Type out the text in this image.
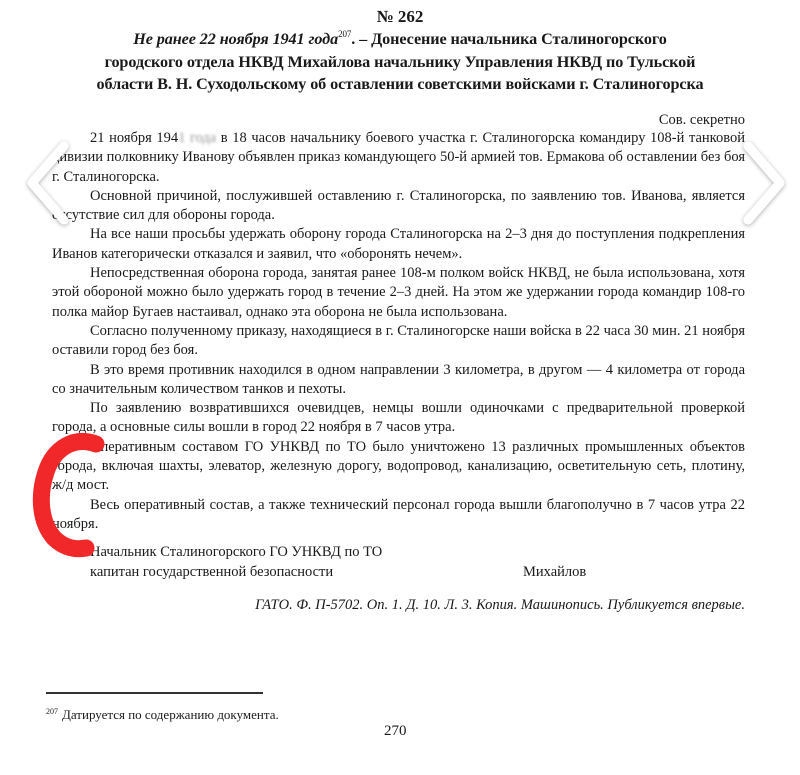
№ 262
Не ранее 22 ноября 1941 года$^{207}$. – Донесение начальника Сталиногорского
городского отдела НКВД Михайлова начальнику Управления НКВД по Тульской
области В. Н. Суходольскому об оставлении советскими войсками г. Сталиногорска
Сов. секретно

21 ноября 1941 года в 18 часов начальнику боевого участка г. Сталиногорска командиру 108-й танковой дивизии полковнику Иванову объявлен приказ командующего 50-й армией тов. Ермакова об оставлении без боя г. Сталиногорска.

Основной причиной, послужившей оставлению г. Сталиногорска, по заявлению тов. Иванова, является отсутствие сил для обороны города.

На все наши просьбы удержать оборону города Сталиногорска на 2–3 дня до поступления подкрепления Иванов категорически отказался и заявил, что «оборонять нечем».

Непосредственная оборона города, занятая ранее 108-м полком войск НКВД, не была использована, хотя этой обороной можно было удержать город в течение 2–3 дней. На этом же удержании города командир 108-го полка майор Бугаев настаивал, однако эта оборона не была использована.

Согласно полученному приказу, находящиеся в г. Сталиногорске наши войска в 22 часа 30 мин. 21 ноября оставили город без боя.

В это время противник находился в одном направлении 3 километра, в другом — 4 километра от города со значительным количеством танков и пехоты.

По заявлению возвратившихся очевидцев, немцы вошли одиночками с предварительной проверкой города, а основные силы вошли в город 22 ноября в 7 часов утра.

Оперативным составом ГО УНКВД по ТО было уничтожено 13 различных промышленных объектов города, включая шахты, элеватор, железную дорогу, водопровод, канализацию, осветительную сеть, плотину, ж/д мост.

Весь оперативный состав, а также технический персонал города вышли благополучно в 7 часов утра 22 ноября.

Начальник Сталиногорского ГО УНКВД по ТО
капитан государственной безопасности	Михайлов
ГАТО. Ф. П-5702. Оп. 1. Д. 10. Л. 3. Копия. Машинопись. Публикуется впервые.
$^{207}$ Датируется по содержанию документа.
270
